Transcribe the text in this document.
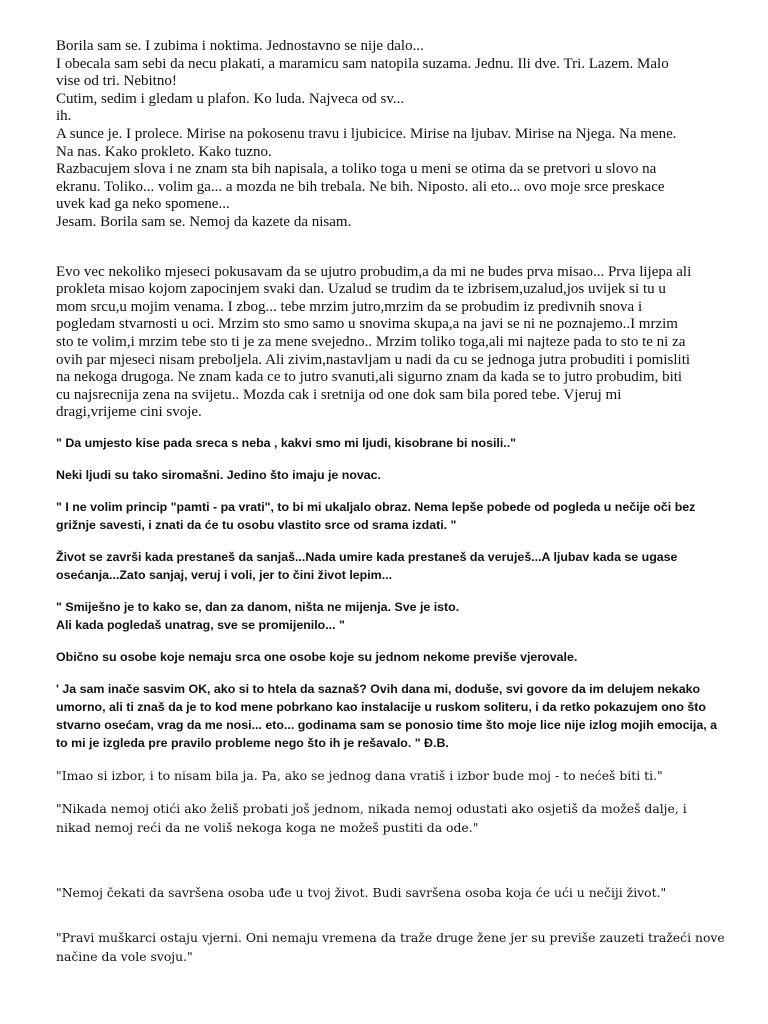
Borila sam se. I zubima i noktima. Jednostavno se nije dalo...
I obecala sam sebi da necu plakati, a maramicu sam natopila suzama. Jednu. Ili dve. Tri. Lazem. Malo
vise od tri. Nebitno!
Cutim, sedim i gledam u plafon. Ko luda. Najveca od sv...
ih.
A sunce je. I prolece. Mirise na pokosenu travu i ljubicice. Mirise na ljubav. Mirise na Njega. Na mene.
Na nas. Kako prokleto. Kako tuzno.
Razbacujem slova i ne znam sta bih napisala, a toliko toga u meni se otima da se pretvori u slovo na
ekranu. Toliko... volim ga... a mozda ne bih trebala. Ne bih. Niposto. ali eto... ovo moje srce preskace
uvek kad ga neko spomene...
Jesam. Borila sam se. Nemoj da kazete da nisam.
Evo vec nekoliko mjeseci pokusavam da se ujutro probudim,a da mi ne budes prva misao... Prva lijepa ali
prokleta misao kojom zapocinjem svaki dan. Uzalud se trudim da te izbrisem,uzalud,jos uvijek si tu u
mom srcu,u mojim venama. I zbog... tebe mrzim jutro,mrzim da se probudim iz predivnih snova i
pogledam stvarnosti u oci. Mrzim sto smo samo u snovima skupa,a na javi se ni ne poznajemo..I mrzim
sto te volim,i mrzim tebe sto ti je za mene svejedno.. Mrzim toliko toga,ali mi najteze pada to sto te ni za
ovih par mjeseci nisam preboljela. Ali zivim,nastavljam u nadi da cu se jednoga jutra probuditi i pomisliti
na nekoga drugoga. Ne znam kada ce to jutro svanuti,ali sigurno znam da kada se to jutro probudim, biti
cu najsrecnija zena na svijetu.. Mozda cak i sretnija od one dok sam bila pored tebe. Vjeruj mi
dragi,vrijeme cini svoje.
" Da umjesto kise pada sreca s neba , kakvi smo mi ljudi, kisobrane bi nosili.."
Neki ljudi su tako siromašni. Jedino što imaju je novac.
" I ne volim princip "pamti - pa vrati", to bi mi ukaljalo obraz. Nema lepše pobede od pogleda u nečije oči bez
grižnje savesti, i znati da će tu osobu vlastito srce od srama izdati. "
Život se završi kada prestaneš da sanjaš...Nada umire kada prestaneš da veruješ...A ljubav kada se ugase
osećanja...Zato sanjaj, veruj i voli, jer to čini život lepim...
" Smiješno je to kako se, dan za danom, ništa ne mijenja. Sve je isto.
Ali kada pogledaš unatrag, sve se promijenilo... "
Obično su osobe koje nemaju srca one osobe koje su jednom nekome previše vjerovale.
' Ja sam inače sasvim OK, ako si to htela da saznaš? Ovih dana mi, doduše, svi govore da im delujem nekako
umorno, ali ti znaš da je to kod mene pobrkano kao instalacije u ruskom soliteru, i da retko pokazujem ono što
stvarno osećam, vrag da me nosi... eto... godinama sam se ponosio time što moje lice nije izlog mojih emocija, a
to mi je izgleda pre pravilo probleme nego što ih je rešavalo. " Đ.B.
"Imao si izbor, i to nisam bila ja. Pa, ako se jednog dana vratiš i izbor bude moj - to nećeš biti ti."
"Nikada nemoj otići ako želiš probati još jednom, nikada nemoj odustati ako osjetiš da možeš dalje, i
nikad nemoj reći da ne voliš nekoga koga ne možeš pustiti da ode."
"Nemoj čekati da savršena osoba uđe u tvoj život. Budi savršena osoba koja će ući u nečiji život."
"Pravi muškarci ostaju vjerni. Oni nemaju vremena da traže druge žene jer su previše zauzeti tražeći nove
načine da vole svoju."
